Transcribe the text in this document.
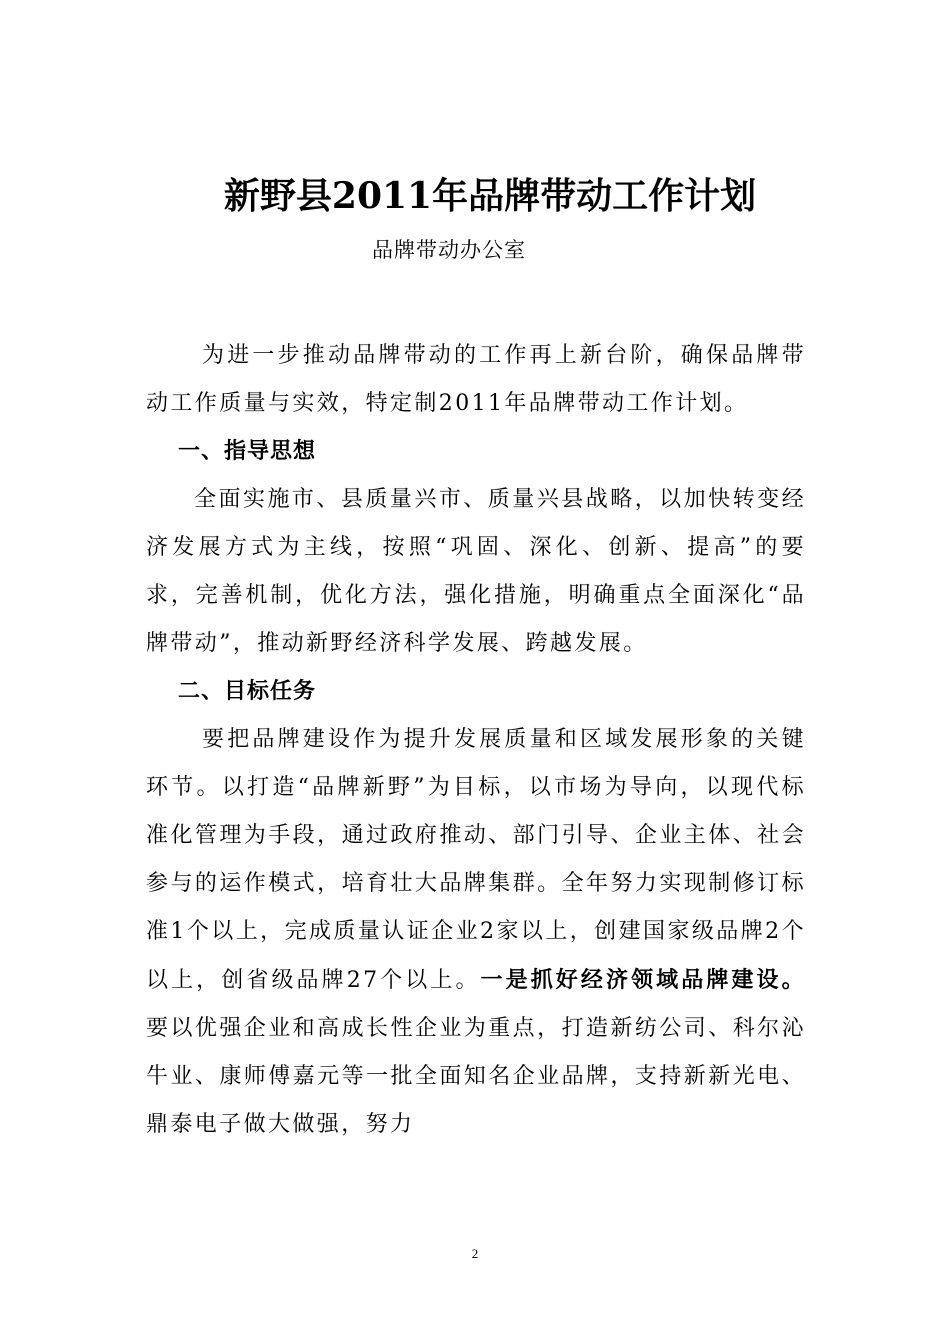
新野县2011年品牌带动工作计划
品牌带动办公室

为进一步推动品牌带动的工作再上新台阶，确保品牌带动工作质量与实效，特定制2011年品牌带动工作计划。

一、指导思想

全面实施市、县质量兴市、质量兴县战略，以加快转变经济发展方式为主线，按照“巩固、深化、创新、提高”的要求，完善机制，优化方法，强化措施，明确重点全面深化“品牌带动”，推动新野经济科学发展、跨越发展。

二、目标任务

要把品牌建设作为提升发展质量和区域发展形象的关键环节。以打造“品牌新野”为目标，以市场为导向，以现代标准化管理为手段，通过政府推动、部门引导、企业主体、社会参与的运作模式，培育壮大品牌集群。全年努力实现制修订标准1个以上，完成质量认证企业2家以上，创建国家级品牌2个以上，创省级品牌27个以上。一是抓好经济领域品牌建设。要以优强企业和高成长性企业为重点，打造新纺公司、科尔沁牛业、康师傅嘉元等一批全面知名企业品牌，支持新新光电、鼎泰电子做大做强，努力

2
